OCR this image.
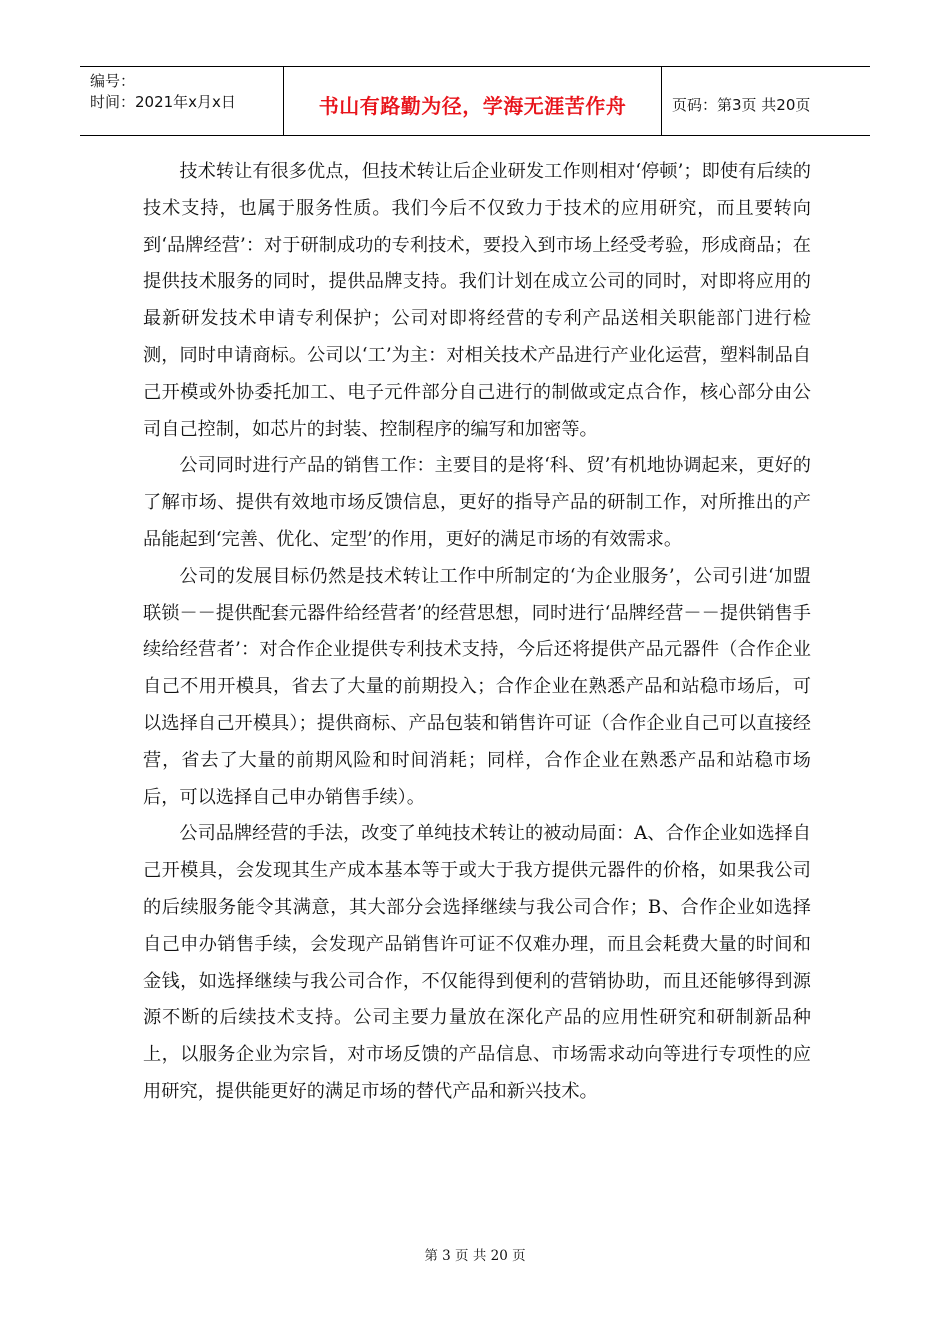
编号：
时间：2021年x月x日	书山有路勤为径，学海无涯苦作舟	页码：第3页 共20页

技术转让有很多优点，但技术转让后企业研发工作则相对‘停顿’；即使有后续的技术支持，也属于服务性质。我们今后不仅致力于技术的应用研究，而且要转向到‘品牌经营’：对于研制成功的专利技术，要投入到市场上经受考验，形成商品；在提供技术服务的同时，提供品牌支持。我们计划在成立公司的同时，对即将应用的最新研发技术申请专利保护；公司对即将经营的专利产品送相关职能部门进行检测，同时申请商标。公司以‘工’为主：对相关技术产品进行产业化运营，塑料制品自己开模或外协委托加工、电子元件部分自己进行的制做或定点合作，核心部分由公司自己控制，如芯片的封装、控制程序的编写和加密等。

公司同时进行产品的销售工作：主要目的是将‘科、贸’有机地协调起来，更好的了解市场、提供有效地市场反馈信息，更好的指导产品的研制工作，对所推出的产品能起到‘完善、优化、定型’的作用，更好的满足市场的有效需求。

公司的发展目标仍然是技术转让工作中所制定的‘为企业服务’，公司引进‘加盟联锁－－提供配套元器件给经营者’的经营思想，同时进行‘品牌经营－－提供销售手续给经营者’：对合作企业提供专利技术支持，今后还将提供产品元器件（合作企业自己不用开模具，省去了大量的前期投入；合作企业在熟悉产品和站稳市场后，可以选择自己开模具）；提供商标、产品包装和销售许可证（合作企业自己可以直接经营，省去了大量的前期风险和时间消耗；同样，合作企业在熟悉产品和站稳市场后，可以选择自己申办销售手续）。

公司品牌经营的手法，改变了单纯技术转让的被动局面：A、合作企业如选择自己开模具，会发现其生产成本基本等于或大于我方提供元器件的价格，如果我公司的后续服务能令其满意，其大部分会选择继续与我公司合作；B、合作企业如选择自己申办销售手续，会发现产品销售许可证不仅难办理，而且会耗费大量的时间和金钱，如选择继续与我公司合作，不仅能得到便利的营销协助，而且还能够得到源源不断的后续技术支持。公司主要力量放在深化产品的应用性研究和研制新品种上，以服务企业为宗旨，对市场反馈的产品信息、市场需求动向等进行专项性的应用研究，提供能更好的满足市场的替代产品和新兴技术。

第 3 页 共 20 页
